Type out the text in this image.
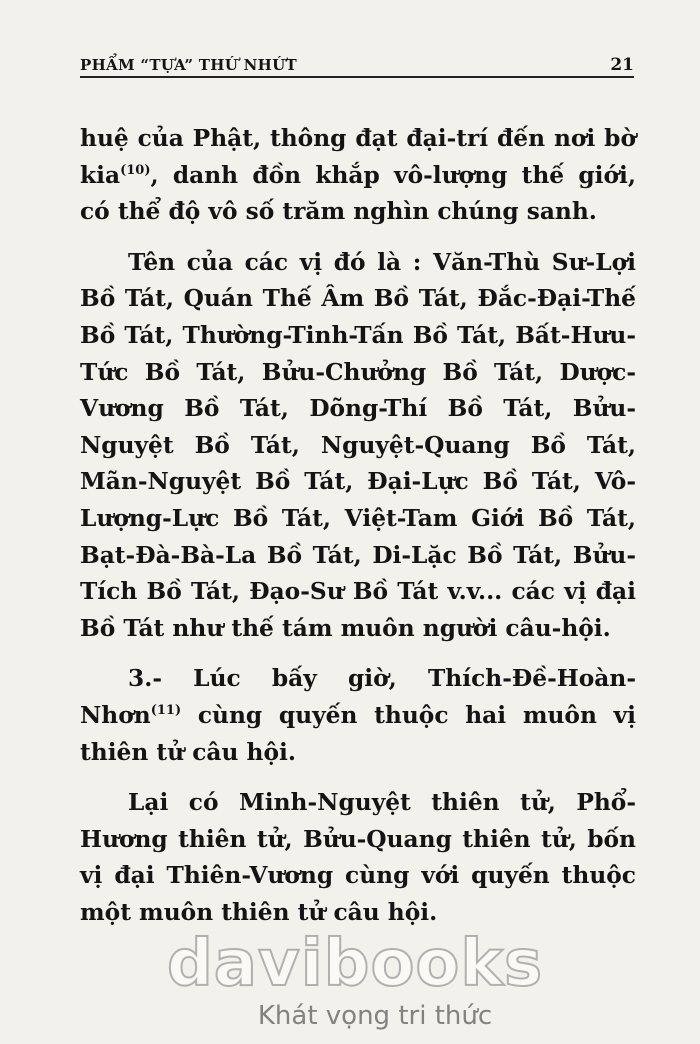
PHẨM “TỰA” THỨ NHỨT	21

huệ của Phật, thông đạt đại-trí đến nơi bờ kia$^{(10)}$, danh đồn khắp vô-lượng thế giới, có thể độ vô số trăm nghìn chúng sanh.

Tên của các vị đó là : Văn-Thù Sư-Lợi Bồ Tát, Quán Thế Âm Bồ Tát, Đắc-Đại-Thế Bồ Tát, Thường-Tinh-Tấn Bồ Tát, Bất-Hưu-Tức Bồ Tát, Bửu-Chưởng Bồ Tát, Dược-Vương Bồ Tát, Dõng-Thí Bồ Tát, Bửu-Nguyệt Bồ Tát, Nguyệt-Quang Bồ Tát, Mãn-Nguyệt Bồ Tát, Đại-Lực Bồ Tát, Vô-Lượng-Lực Bồ Tát, Việt-Tam Giới Bồ Tát, Bạt-Đà-Bà-La Bồ Tát, Di-Lặc Bồ Tát, Bửu-Tích Bồ Tát, Đạo-Sư Bồ Tát v.v... các vị đại Bồ Tát như thế tám muôn người câu-hội.

3.- Lúc bấy giờ, Thích-Đề-Hoàn-Nhơn$^{(11)}$ cùng quyến thuộc hai muôn vị thiên tử câu hội.

Lại có Minh-Nguyệt thiên tử, Phổ-Hương thiên tử, Bửu-Quang thiên tử, bốn vị đại Thiên-Vương cùng với quyến thuộc một muôn thiên tử câu hội.

davibooks
Khát vọng tri thức
